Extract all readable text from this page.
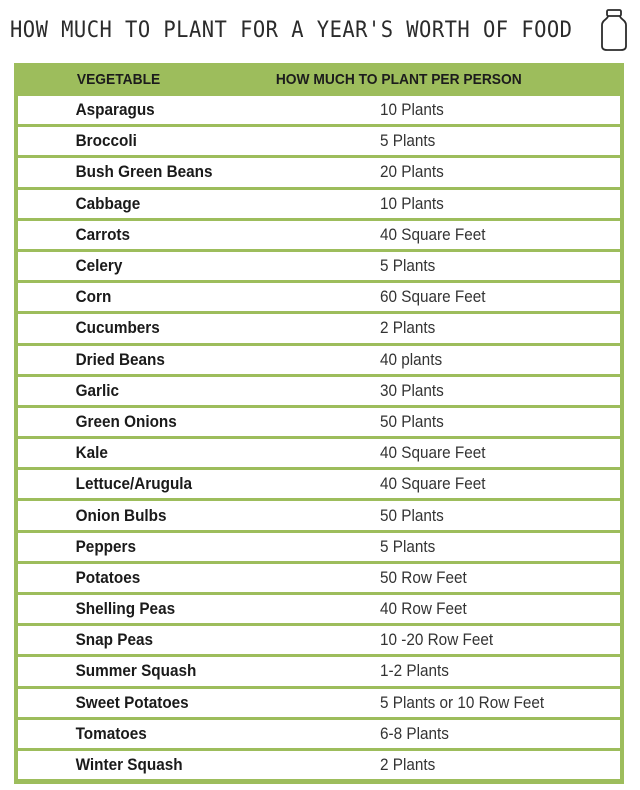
HOW MUCH TO PLANT FOR A YEAR'S WORTH OF FOOD
VEGETABLE	HOW MUCH TO PLANT PER PERSON
Asparagus	10 Plants
Broccoli	5 Plants
Bush Green Beans	20 Plants
Cabbage	10 Plants
Carrots	40 Square Feet
Celery	5 Plants
Corn	60 Square Feet
Cucumbers	2 Plants
Dried Beans	40 plants
Garlic	30 Plants
Green Onions	50 Plants
Kale	40 Square Feet
Lettuce/Arugula	40 Square Feet
Onion Bulbs	50 Plants
Peppers	5 Plants
Potatoes	50 Row Feet
Shelling Peas	40 Row Feet
Snap Peas	10 -20 Row Feet
Summer Squash	1-2 Plants
Sweet Potatoes	5 Plants or 10 Row Feet
Tomatoes	6-8 Plants
Winter Squash	2 Plants
